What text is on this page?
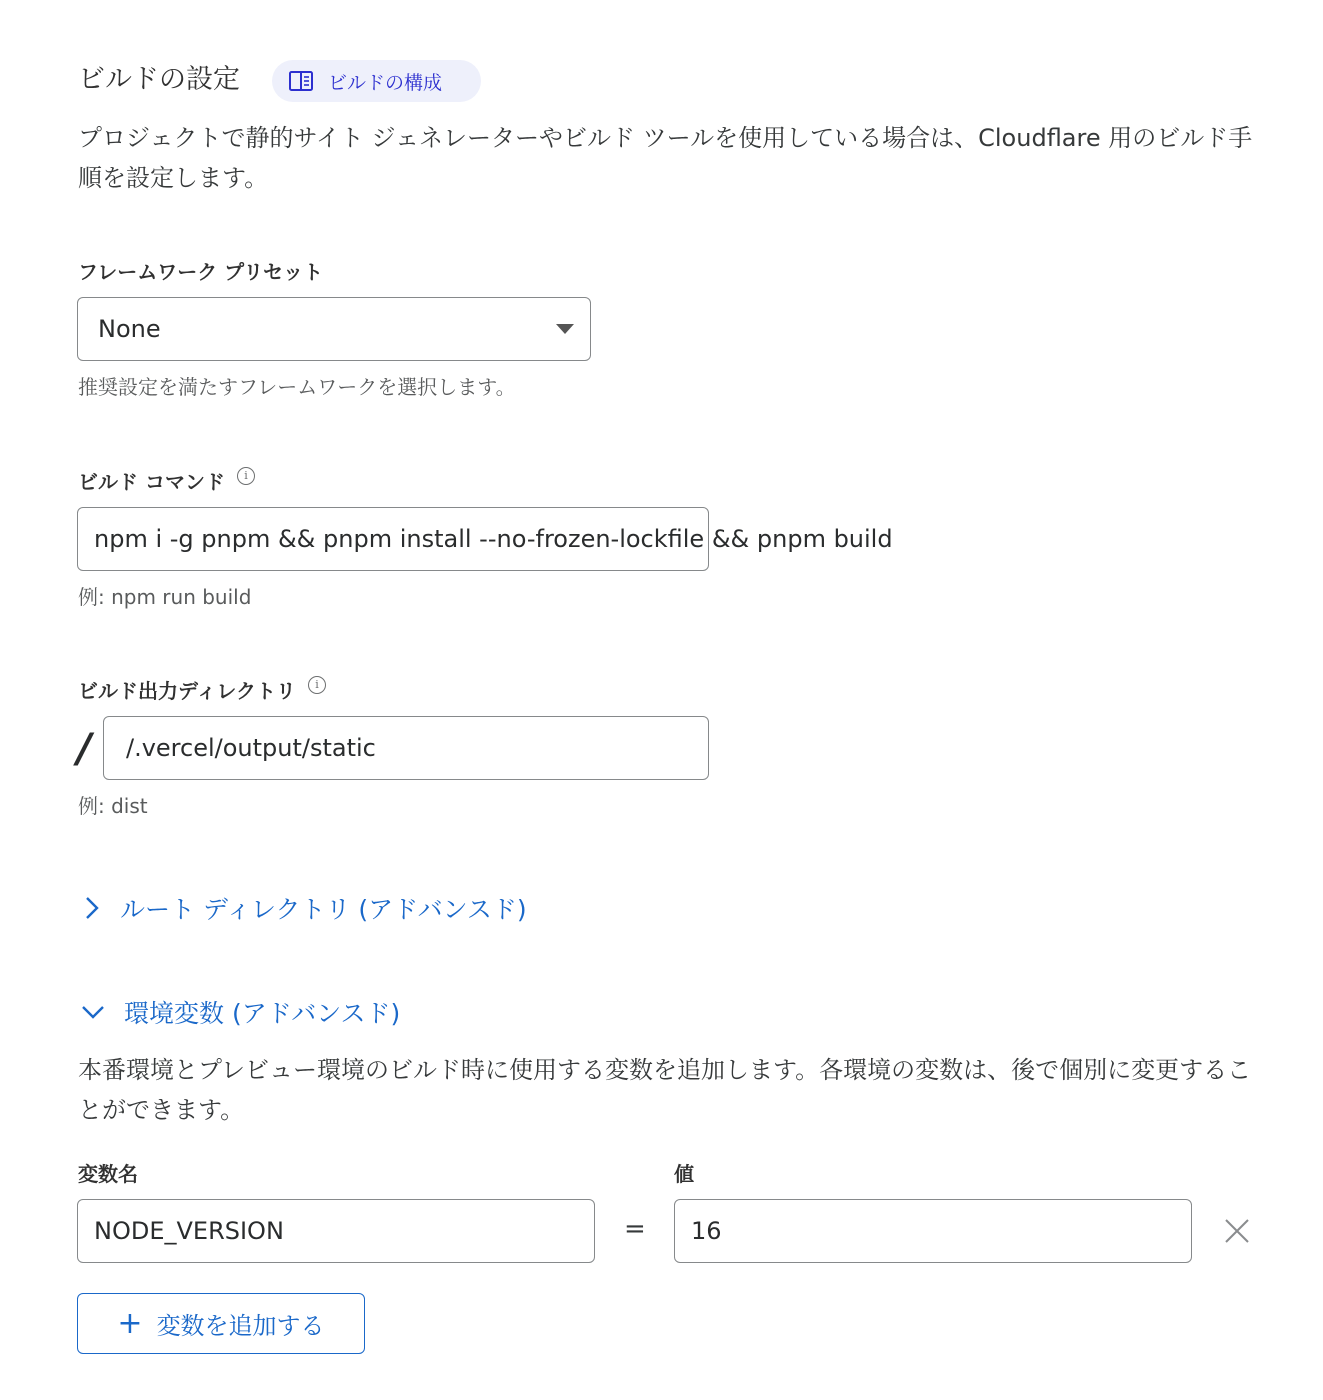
ビルドの設定	ビルドの構成
プロジェクトで静的サイト ジェネレーターやビルド ツールを使用している場合は、Cloudflare 用のビルド手順を設定します。
フレームワーク プリセット
None
推奨設定を満たすフレームワークを選択します。
ビルド コマンド	i
npm i -g pnpm && pnpm install --no-frozen-lockfile && pnpm build
例: npm run build
ビルド出力ディレクトリ	i
/ /.vercel/output/static
例: dist
ルート ディレクトリ (アドバンスド)
環境変数 (アドバンスド)
本番環境とプレビュー環境のビルド時に使用する変数を追加します。各環境の変数は、後で個別に変更することができます。
変数名	値
NODE_VERSION	= 16
+ 変数を追加する
